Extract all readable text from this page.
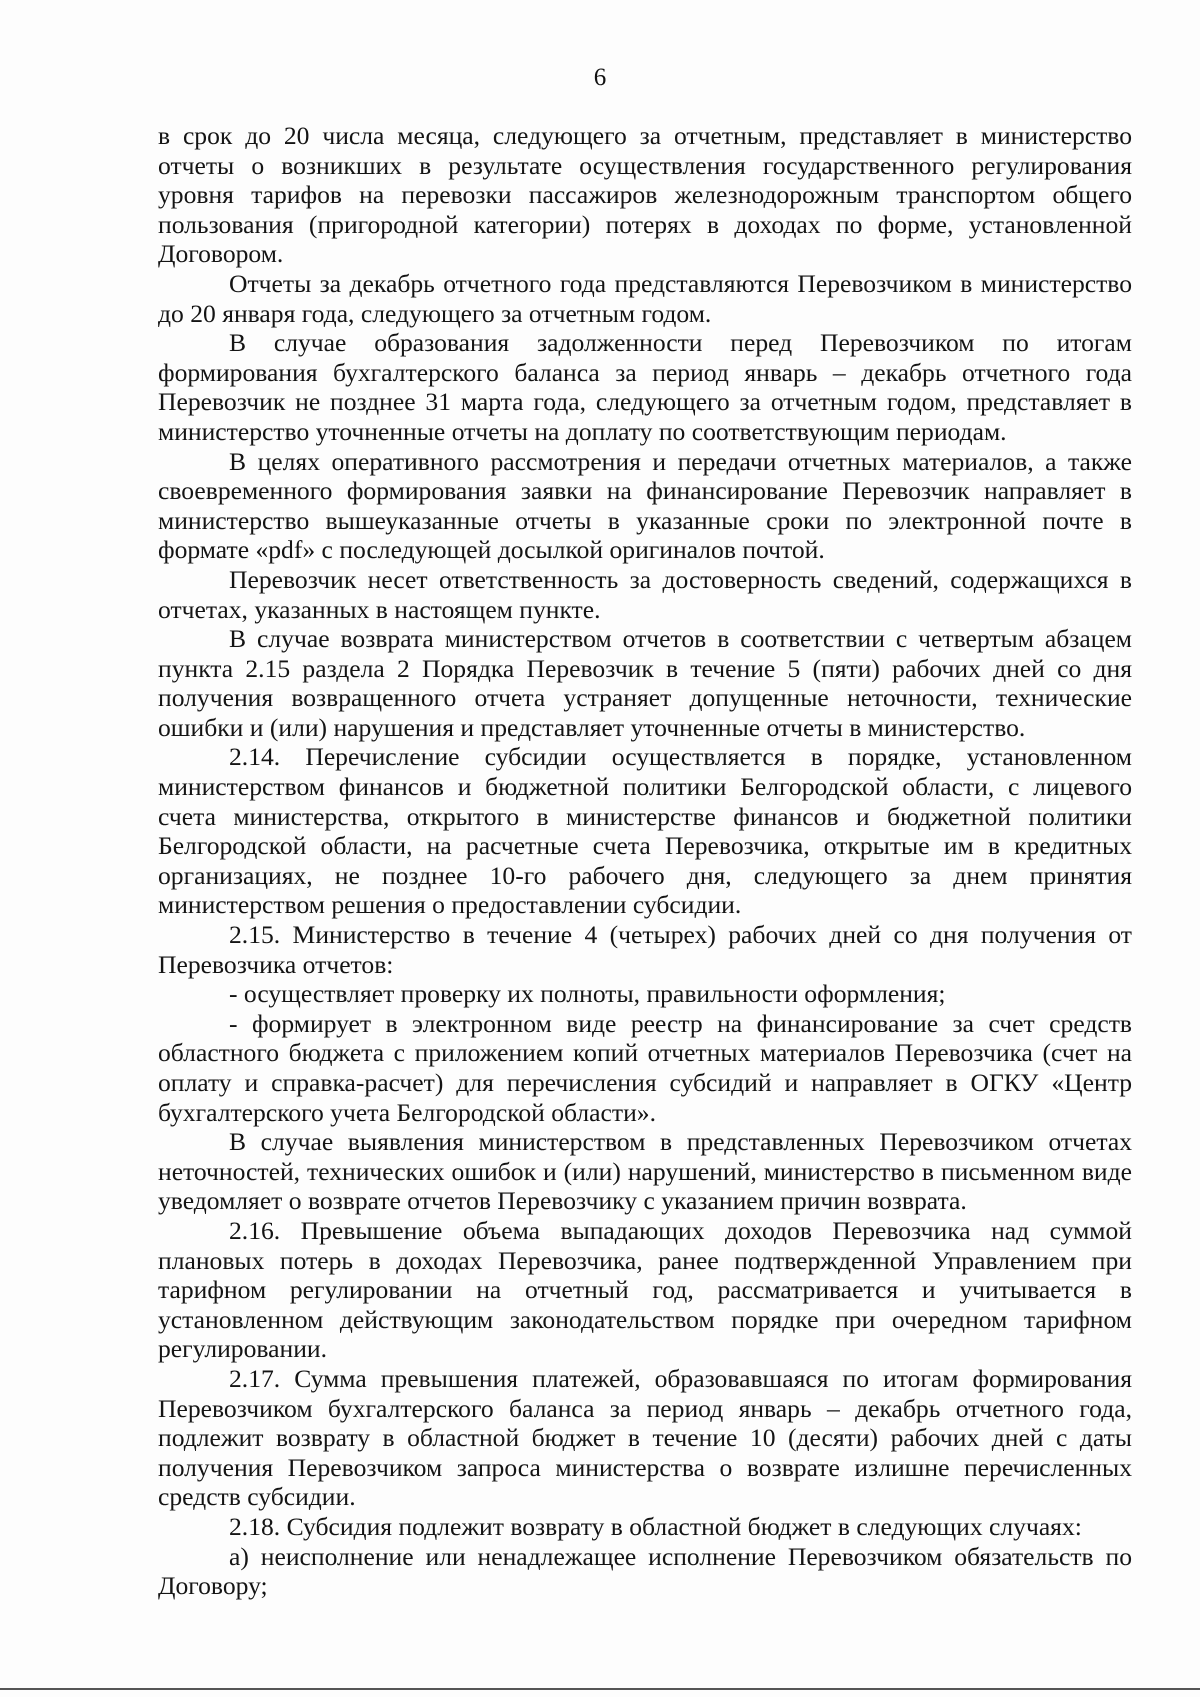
6

в срок до 20 числа месяца, следующего за отчетным, представляет в министерство отчеты о возникших в результате осуществления государственного регулирования уровня тарифов на перевозки пассажиров железнодорожным транспортом общего пользования (пригородной категории) потерях в доходах по форме, установленной Договором.

Отчеты за декабрь отчетного года представляются Перевозчиком в министерство до 20 января года, следующего за отчетным годом.

В случае образования задолженности перед Перевозчиком по итогам формирования бухгалтерского баланса за период январь – декабрь отчетного года Перевозчик не позднее 31 марта года, следующего за отчетным годом, представляет в министерство уточненные отчеты на доплату по соответствующим периодам.

В целях оперативного рассмотрения и передачи отчетных материалов, а также своевременного формирования заявки на финансирование Перевозчик направляет в министерство вышеуказанные отчеты в указанные сроки по электронной почте в формате «pdf» с последующей досылкой оригиналов почтой.

Перевозчик несет ответственность за достоверность сведений, содержащихся в отчетах, указанных в настоящем пункте.

В случае возврата министерством отчетов в соответствии с четвертым абзацем пункта 2.15 раздела 2 Порядка Перевозчик в течение 5 (пяти) рабочих дней со дня получения возвращенного отчета устраняет допущенные неточности, технические ошибки и (или) нарушения и представляет уточненные отчеты в министерство.

2.14. Перечисление субсидии осуществляется в порядке, установленном министерством финансов и бюджетной политики Белгородской области, с лицевого счета министерства, открытого в министерстве финансов и бюджетной политики Белгородской области, на расчетные счета Перевозчика, открытые им в кредитных организациях, не позднее 10-го рабочего дня, следующего за днем принятия министерством решения о предоставлении субсидии.

2.15. Министерство в течение 4 (четырех) рабочих дней со дня получения от Перевозчика отчетов:

- осуществляет проверку их полноты, правильности оформления;

- формирует в электронном виде реестр на финансирование за счет средств областного бюджета с приложением копий отчетных материалов Перевозчика (счет на оплату и справка-расчет) для перечисления субсидий и направляет в ОГКУ «Центр бухгалтерского учета Белгородской области».

В случае выявления министерством в представленных Перевозчиком отчетах неточностей, технических ошибок и (или) нарушений, министерство в письменном виде уведомляет о возврате отчетов Перевозчику с указанием причин возврата.

2.16. Превышение объема выпадающих доходов Перевозчика над суммой плановых потерь в доходах Перевозчика, ранее подтвержденной Управлением при тарифном регулировании на отчетный год, рассматривается и учитывается в установленном действующим законодательством порядке при очередном тарифном регулировании.

2.17. Сумма превышения платежей, образовавшаяся по итогам формирования Перевозчиком бухгалтерского баланса за период январь – декабрь отчетного года, подлежит возврату в областной бюджет в течение 10 (десяти) рабочих дней с даты получения Перевозчиком запроса министерства о возврате излишне перечисленных средств субсидии.

2.18. Субсидия подлежит возврату в областной бюджет в следующих случаях:

а) неисполнение или ненадлежащее исполнение Перевозчиком обязательств по Договору;
